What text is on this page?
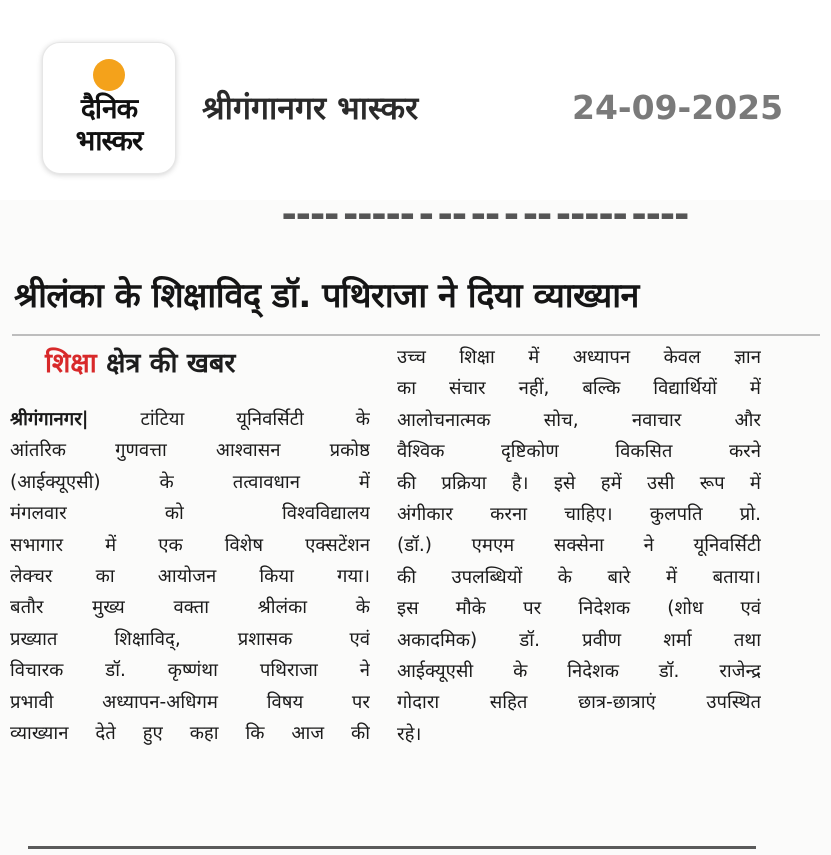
दैनिक
भास्कर
श्रीगंगानगर भास्कर	24-09-2025
▬▬▬▬ ▬▬▬▬▬ ▬ ▬▬ ▬▬ ▬ ▬▬ ▬▬▬▬▬ ▬▬▬▬
श्रीलंका के शिक्षाविद् डॉ. पथिराजा ने दिया व्याख्यान
शिक्षा क्षेत्र की खबर
श्रीगंगानगर| टांटिया यूनिवर्सिटी के
आंतरिक गुणवत्ता आश्वासन प्रकोष्ठ
(आईक्यूएसी) के तत्वावधान में
मंगलवार को विश्वविद्यालय
सभागार में एक विशेष एक्सटेंशन
लेक्चर का आयोजन किया गया।
बतौर मुख्य वक्ता श्रीलंका के
प्रख्यात शिक्षाविद्, प्रशासक एवं
विचारक डॉ. कृष्णंथा पथिराजा ने
प्रभावी अध्यापन-अधिगम विषय पर
व्याख्यान देते हुए कहा कि आज की
उच्च शिक्षा में अध्यापन केवल ज्ञान
का संचार नहीं, बल्कि विद्यार्थियों में
आलोचनात्मक सोच, नवाचार और
वैश्विक दृष्टिकोण विकसित करने
की प्रक्रिया है। इसे हमें उसी रूप में
अंगीकार करना चाहिए। कुलपति प्रो.
(डॉ.) एमएम सक्सेना ने यूनिवर्सिटी
की उपलब्धियों के बारे में बताया।
इस मौके पर निदेशक (शोध एवं
अकादमिक) डॉ. प्रवीण शर्मा तथा
आईक्यूएसी के निदेशक डॉ. राजेन्द्र
गोदारा सहित छात्र-छात्राएं उपस्थित
रहे।
